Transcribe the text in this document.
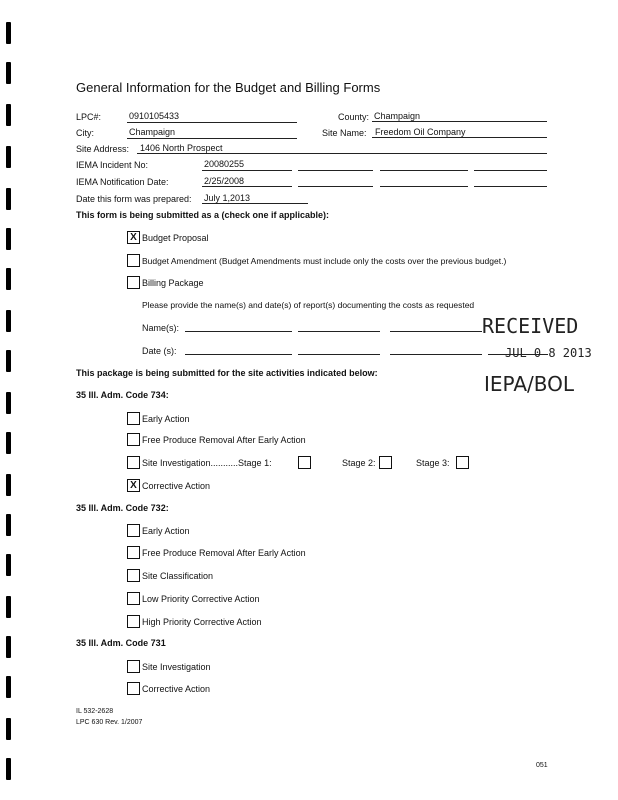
General Information for the Budget and Billing Forms
LPC#:	0910105433	County: Champaign
City:	Champaign	Site Name: Freedom Oil Company
Site Address: 1406 North Prospect
IEMA Incident No:	20080255
IEMA Notification Date:	2/25/2008
Date this form was prepared: July 1,2013
This form is being submitted as a (check one if applicable):
X Budget Proposal
Budget Amendment (Budget Amendments must include only the costs over the previous budget.)
Billing Package
Please provide the name(s) and date(s) of report(s) documenting the costs as requested
Name(s):
Date (s):
RECEIVED
JUL 0 8 2013
IEPA/BOL
This package is being submitted for the site activities indicated below:
35 Ill. Adm. Code 734:
Early Action
Free Produce Removal After Early Action
Site Investigation...........Stage 1:	Stage 2:	Stage 3:
X Corrective Action
35 Ill. Adm. Code 732:
Early Action
Free Produce Removal After Early Action
Site Classification
Low Priority Corrective Action
High Priority Corrective Action
35 Ill. Adm. Code 731
Site Investigation
Corrective Action
IL 532-2628
LPC 630 Rev. 1/2007
051
